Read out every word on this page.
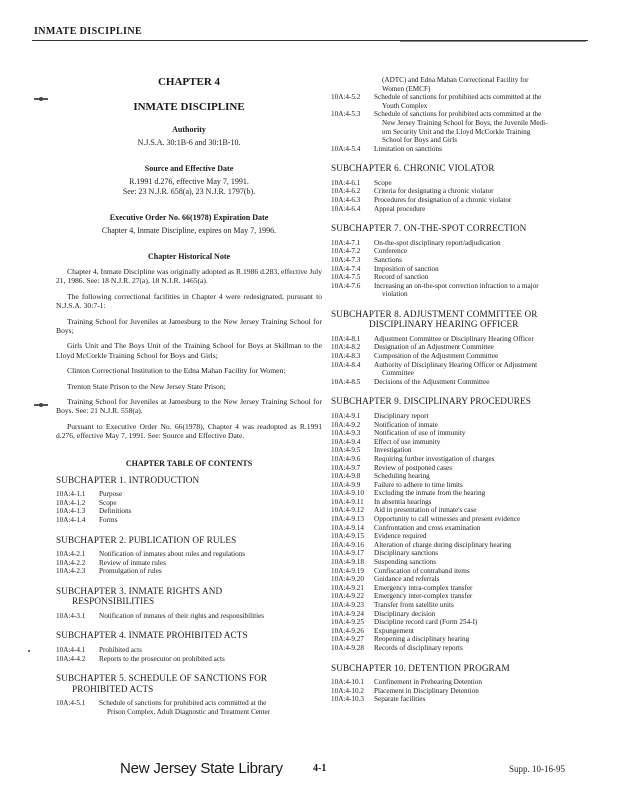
INMATE DISCIPLINE
CHAPTER 4
INMATE DISCIPLINE
Authority
N.J.S.A. 30:1B-6 and 30:1B-10.
Source and Effective Date
R.1991 d.276, effective May 7, 1991.
See: 23 N.J.R. 658(a), 23 N.J.R. 1797(b).
Executive Order No. 66(1978) Expiration Date
Chapter 4, Inmate Discipline, expires on May 7, 1996.
Chapter Historical Note

Chapter 4, Inmate Discipline was originally adopted as R.1986 d.283, effective July 21, 1986. See: 18 N.J.R. 27(a), 18 N.J.R. 1465(a).

The following correctional facilities in Chapter 4 were redesignated, pursuant to N.J.S.A. 30:7-1:

Training School for Juveniles at Jamesburg to the New Jersey Training School for Boys;

Girls Unit and The Boys Unit of the Training School for Boys at Skillman to the Lloyd McCorkle Training School for Boys and Girls;

Clinton Correctional Institution to the Edna Mahan Facility for Women;

Trenton State Prison to the New Jersey State Prison;

Training School for Juveniles at Jamesburg to the New Jersey Training School for Boys. See: 21 N.J.R. 558(a).

Pursuant to Executive Order No. 66(1978), Chapter 4 was readopted as R.1991 d.276, effective May 7, 1991. See: Source and Effective Date.

CHAPTER TABLE OF CONTENTS
SUBCHAPTER 1. INTRODUCTION
10A:4-1.1	Purpose
10A:4-1.2	Scope
10A:4-1.3	Definitions
10A:4-1.4	Forms
SUBCHAPTER 2. PUBLICATION OF RULES
10A:4-2.1	Notification of inmates about rules and regulations
10A:4-2.2	Review of inmate rules
10A:4-2.3	Promulgation of rules
SUBCHAPTER 3. INMATE RIGHTS AND
RESPONSIBILITIES
10A:4-3.1	Notification of inmates of their rights and responsibilities
SUBCHAPTER 4. INMATE PROHIBITED ACTS
10A:4-4.1	Prohibited acts
10A:4-4.2	Reports to the prosecutor on prohibited acts
SUBCHAPTER 5. SCHEDULE OF SANCTIONS FOR
PROHIBITED ACTS
10A:4-5.1	Schedule of sanctions for prohibited acts committed at the
Prison Complex, Adult Diagnostic and Treatment Center
(ADTC) and Edna Mahan Correctional Facility for
Women (EMCF)
10A:4-5.2	Schedule of sanctions for prohibited acts committed at the
Youth Complex
10A:4-5.3	Schedule of sanctions for prohibited acts committed at the
New Jersey Training School for Boys, the Juvenile Medi-
um Security Unit and the Lloyd McCorkle Training
School for Boys and Girls
10A:4-5.4	Limitation on sanctions
SUBCHAPTER 6. CHRONIC VIOLATOR
10A:4-6.1	Scope
10A:4-6.2	Criteria for designating a chronic violator
10A:4-6.3	Procedures for designation of a chronic violator
10A:4-6.4	Appeal procedure
SUBCHAPTER 7. ON-THE-SPOT CORRECTION
10A:4-7.1	On-the-spot disciplinary report/adjudication
10A:4-7.2	Conference
10A:4-7.3	Sanctions
10A:4-7.4	Imposition of sanction
10A:4-7.5	Record of sanction
10A:4-7.6	Increasing an on-the-spot correction infraction to a major
violation
SUBCHAPTER 8. ADJUSTMENT COMMITTEE OR
DISCIPLINARY HEARING OFFICER
10A:4-8.1	Adjustment Committee or Disciplinary Hearing Officer
10A:4-8.2	Designation of an Adjustment Committee
10A:4-8.3	Composition of the Adjustment Committee
10A:4-8.4	Authority of Disciplinary Hearing Officer or Adjustment
Committee
10A:4-8.5	Decisions of the Adjustment Committee
SUBCHAPTER 9. DISCIPLINARY PROCEDURES
10A:4-9.1	Disciplinary report
10A:4-9.2	Notification of inmate
10A:4-9.3	Notification of use of immunity
10A:4-9.4	Effect of use immunity
10A:4-9.5	Investigation
10A:4-9.6	Requiring further investigation of charges
10A:4-9.7	Review of postponed cases
10A:4-9.8	Scheduling hearing
10A:4-9.9	Failure to adhere to time limits
10A:4-9.10	Excluding the inmate from the hearing
10A:4-9.11	In absentia hearings
10A:4-9.12	Aid in presentation of inmate's case
10A:4-9.13	Opportunity to call witnesses and present evidence
10A:4-9.14	Confrontation and cross examination
10A:4-9.15	Evidence required
10A:4-9.16	Alteration of charge during disciplinary hearing
10A:4-9.17	Disciplinary sanctions
10A:4-9.18	Suspending sanctions
10A:4-9.19	Confiscation of contraband items
10A:4-9.20	Guidance and referrals
10A:4-9.21	Emergency intra-complex transfer
10A:4-9.22	Emergency inter-complex transfer
10A:4-9.23	Transfer from satellite units
10A:4-9.24	Disciplinary decision
10A:4-9.25	Discipline record card (Form 254-I)
10A:4-9.26	Expungement
10A:4-9.27	Reopening a disciplinary hearing
10A:4-9.28	Records of disciplinary reports
SUBCHAPTER 10. DETENTION PROGRAM
10A:4-10.1	Confinement in Prehearing Detention
10A:4-10.2	Placement in Disciplinary Detention
10A:4-10.3	Separate facilities
New Jersey State Library	4-1	Supp. 10-16-95
